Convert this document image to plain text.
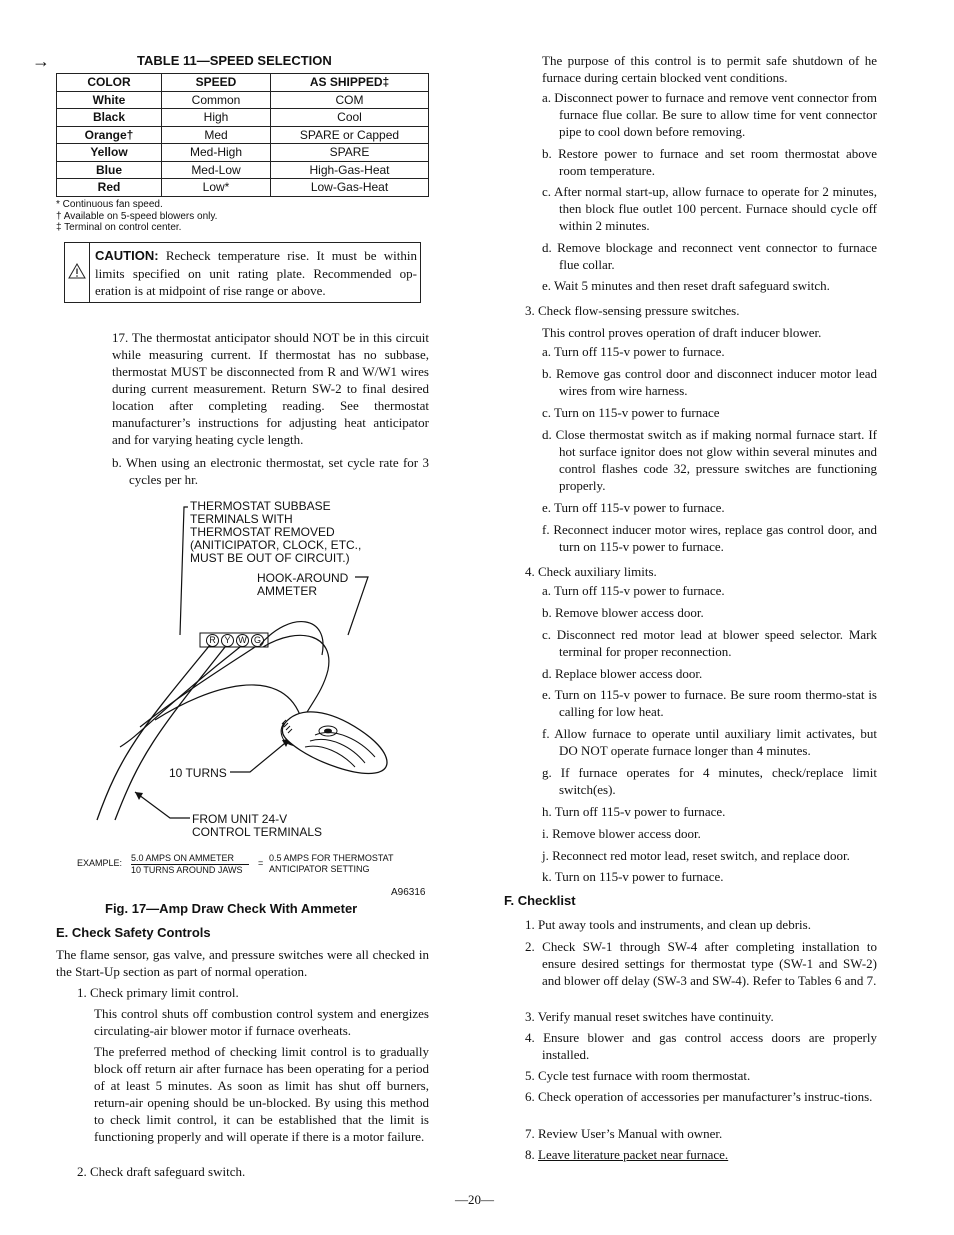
→	TABLE 11—SPEED SELECTION
COLOR	SPEED	AS SHIPPED‡
White	Common	COM
Black	High	Cool
Orange†	Med	SPARE or Capped
Yellow	Med-High	SPARE
Blue	Med-Low	High-Gas-Heat
Red	Low*	Low-Gas-Heat
* Continuous fan speed.
† Available on 5-speed blowers only.
‡ Terminal on control center.
CAUTION: Recheck temperature rise. It must be within limits specified on unit rating plate. Recommended op-eration is at midpoint of rise range or above.

17. The thermostat anticipator should NOT be in this circuit while measuring current. If thermostat has no subbase, thermostat MUST be disconnected from R and W/W1 wires during current measurement. Return SW-2 to final desired location after completing reading. See thermostat manufacturer’s instructions for adjusting heat anticipator and for varying heating cycle length.

b. When using an electronic thermostat, set cycle rate for 3 cycles per hr.

R Y W G
THERMOSTAT SUBBASE
TERMINALS WITH
THERMOSTAT REMOVED
(ANITICIPATOR, CLOCK, ETC.,
MUST BE OUT OF CIRCUIT.)
HOOK-AROUND
AMMETER
10 TURNS
FROM UNIT 24-V
CONTROL TERMINALS
EXAMPLE: 5.0 AMPS ON AMMETER
10 TURNS AROUND JAWS
= 0.5 AMPS FOR THERMOSTAT
ANTICIPATOR SETTING
A96316
Fig. 17—Amp Draw Check With Ammeter
E. Check Safety Controls

The flame sensor, gas valve, and pressure switches were all checked in the Start-Up section as part of normal operation.

1. Check primary limit control.

This control shuts off combustion control system and energizes circulating-air blower motor if furnace overheats.

The preferred method of checking limit control is to gradually block off return air after furnace has been operating for a period of at least 5 minutes. As soon as limit has shut off burners, return-air opening should be un-blocked. By using this method to check limit control, it can be established that the limit is functioning properly and will operate if there is a motor failure.

2. Check draft safeguard switch.

The purpose of this control is to permit safe shutdown of he furnace during certain blocked vent conditions.

a. Disconnect power to furnace and remove vent connector from furnace flue collar. Be sure to allow time for vent connector pipe to cool down before removing.

b. Restore power to furnace and set room thermostat above room temperature.

c. After normal start-up, allow furnace to operate for 2 minutes, then block flue outlet 100 percent. Furnace should cycle off within 2 minutes.

d. Remove blockage and reconnect vent connector to furnace flue collar.

e. Wait 5 minutes and then reset draft safeguard switch.

3. Check flow-sensing pressure switches.

This control proves operation of draft inducer blower.

a. Turn off 115-v power to furnace.

b. Remove gas control door and disconnect inducer motor lead wires from wire harness.

c. Turn on 115-v power to furnace

d. Close thermostat switch as if making normal furnace start. If hot surface ignitor does not glow within several minutes and control flashes code 32, pressure switches are functioning properly.

e. Turn off 115-v power to furnace.

f. Reconnect inducer motor wires, replace gas control door, and turn on 115-v power to furnace.

4. Check auxiliary limits.

a. Turn off 115-v power to furnace.

b. Remove blower access door.

c. Disconnect red motor lead at blower speed selector. Mark terminal for proper reconnection.

d. Replace blower access door.

e. Turn on 115-v power to furnace. Be sure room thermo-stat is calling for low heat.

f. Allow furnace to operate until auxiliary limit activates, but DO NOT operate furnace longer than 4 minutes.

g. If furnace operates for 4 minutes, check/replace limit switch(es).

h. Turn off 115-v power to furnace.

i. Remove blower access door.

j. Reconnect red motor lead, reset switch, and replace door.

k. Turn on 115-v power to furnace.

F. Checklist

1. Put away tools and instruments, and clean up debris.

2. Check SW-1 through SW-4 after completing installation to ensure desired settings for thermostat type (SW-1 and SW-2) and blower off delay (SW-3 and SW-4). Refer to Tables 6 and 7.

3. Verify manual reset switches have continuity.

4. Ensure blower and gas control access doors are properly installed.

5. Cycle test furnace with room thermostat.

6. Check operation of accessories per manufacturer’s instruc-tions.

7. Review User’s Manual with owner.

8. Leave literature packet near furnace.
—20—
